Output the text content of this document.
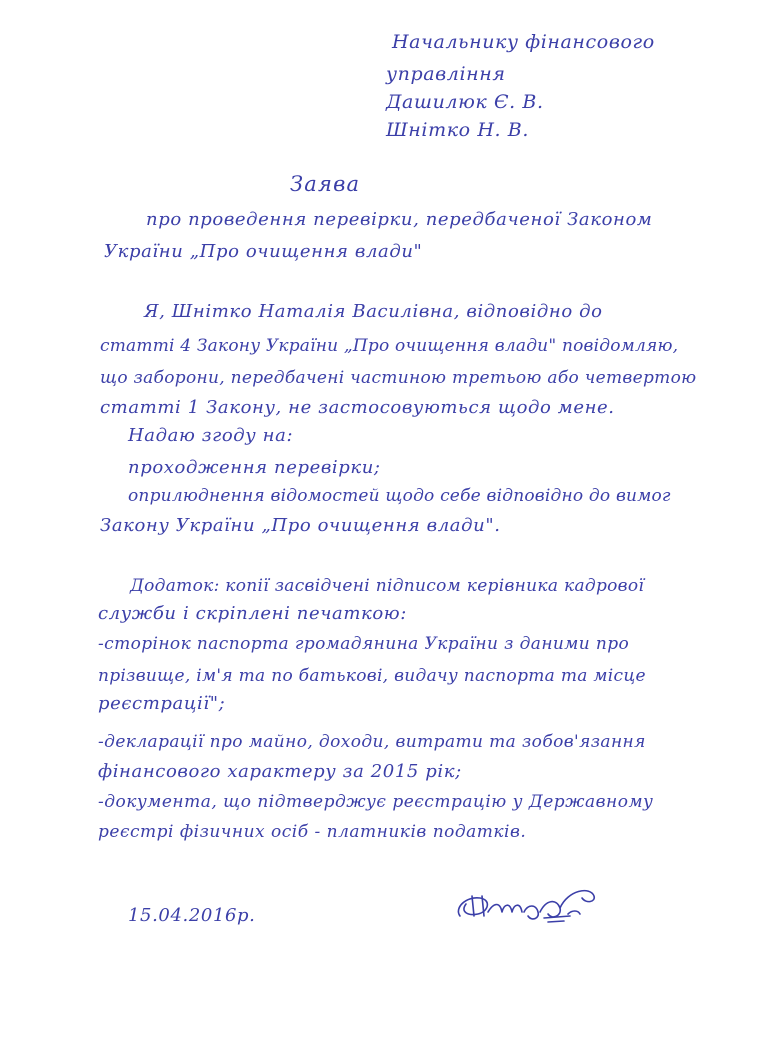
Начальнику фінансового
управління
Дашилюк Є. В.
Шнітко Н. В.
Заява
про проведення перевірки, передбаченої Законом
України „Про очищення влади"
Я, Шнітко Наталія Василівна, відповідно до
статті 4 Закону України „Про очищення влади" повідомляю,
що заборони, передбачені частиною третьою або четвертою
статті 1 Закону, не застосовуються щодо мене.
Надаю згоду на:
проходження перевірки;
оприлюднення відомостей щодо себе відповідно до вимог
Закону України „Про очищення влади".
Додаток: копії засвідчені підписом керівника кадрової
служби і скріплені печаткою:
-сторінок паспорта громадянина України з даними про
прізвище, ім'я та по батькові, видачу паспорта та місце
реєстрації";
-декларації про майно, доходи, витрати та зобов'язання
фінансового характеру за 2015 рік;
-документа, що підтверджує реєстрацію у Державному
реєстрі фізичних осіб - платників податків.
15.04.2016р.
